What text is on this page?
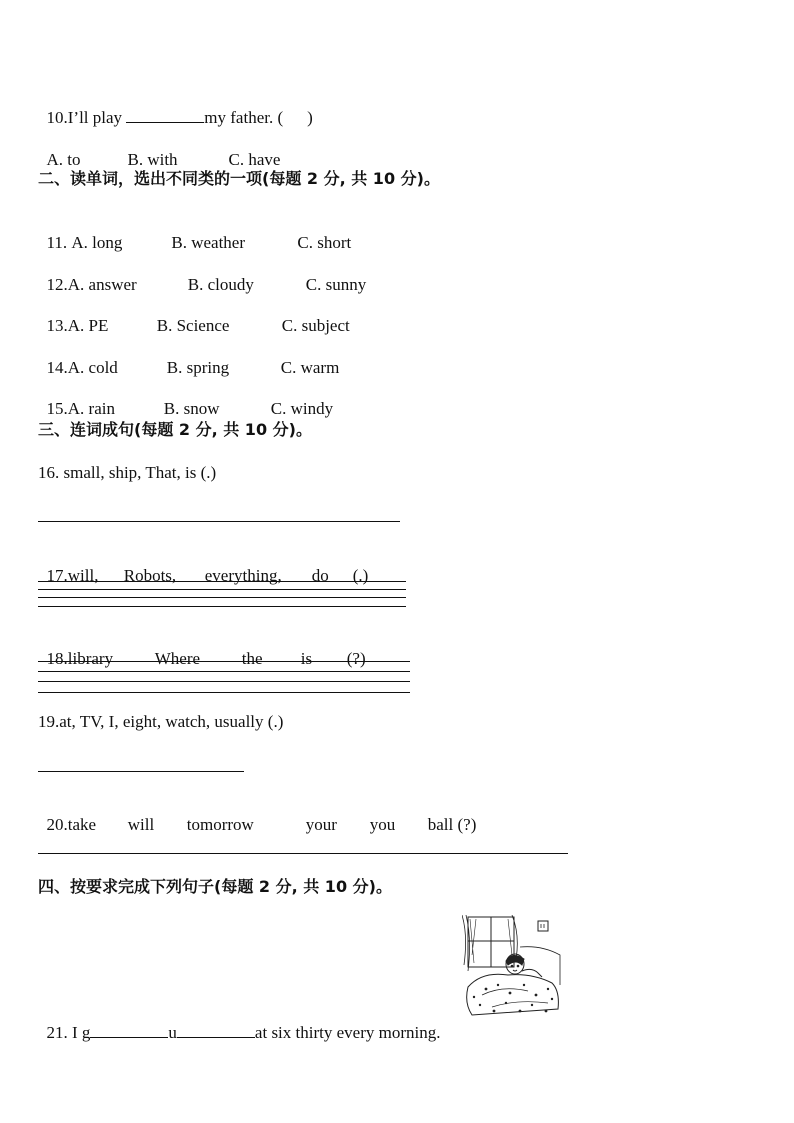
10.I’ll play	my father. ( )

A. to	B. with	C. have

二、读单词，选出不同类的一项(每题 2 分, 共 10 分)。

11. A. long	B. weather	C. short

12.A. answer	B. cloudy	C. sunny

13.A. PE	B. Science	C. subject

14.A. cold	B. spring	C. warm

15.A. rain	B. snow	C. windy

三、连词成句(每题 2 分, 共 10 分)。
16. small, ship, That, is (.)

17.will, Robots, everything, do (.)

18.library Where the is (?)

19.at, TV, I, eight, watch, usually (.)

20.take will tomorrow	your you ball (?)

四、按要求完成下列句子(每题 2 分, 共 10 分)。

21. I g	u	at six thirty every morning.
